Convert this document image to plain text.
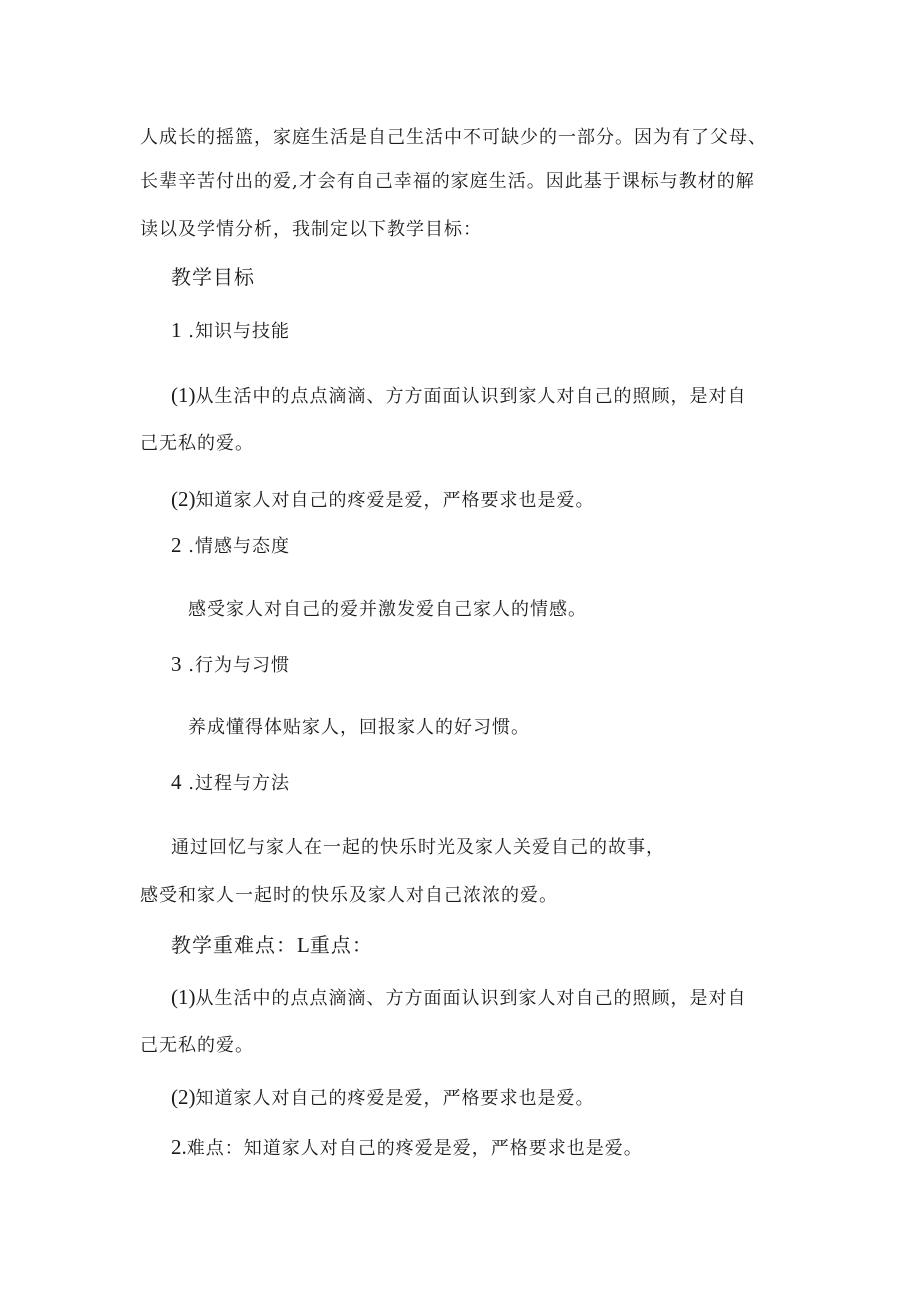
人成长的摇篮，家庭生活是自己生活中不可缺少的一部分。因为有了父母、
长辈辛苦付出的爱,才会有自己幸福的家庭生活。因此基于课标与教材的解
读以及学情分析，我制定以下教学目标：
教学目标
1 .知识与技能
(1)从生活中的点点滴滴、方方面面认识到家人对自己的照顾，是对自
己无私的爱。
(2)知道家人对自己的疼爱是爱，严格要求也是爱。
2 .情感与态度
感受家人对自己的爱并激发爱自己家人的情感。
3 .行为与习惯
养成懂得体贴家人，回报家人的好习惯。
4 .过程与方法
通过回忆与家人在一起的快乐时光及家人关爱自己的故事，
感受和家人一起时的快乐及家人对自己浓浓的爱。
教学重难点：L重点：
(1)从生活中的点点滴滴、方方面面认识到家人对自己的照顾，是对自
己无私的爱。
(2)知道家人对自己的疼爱是爱，严格要求也是爱。
2.难点：知道家人对自己的疼爱是爱，严格要求也是爱。
